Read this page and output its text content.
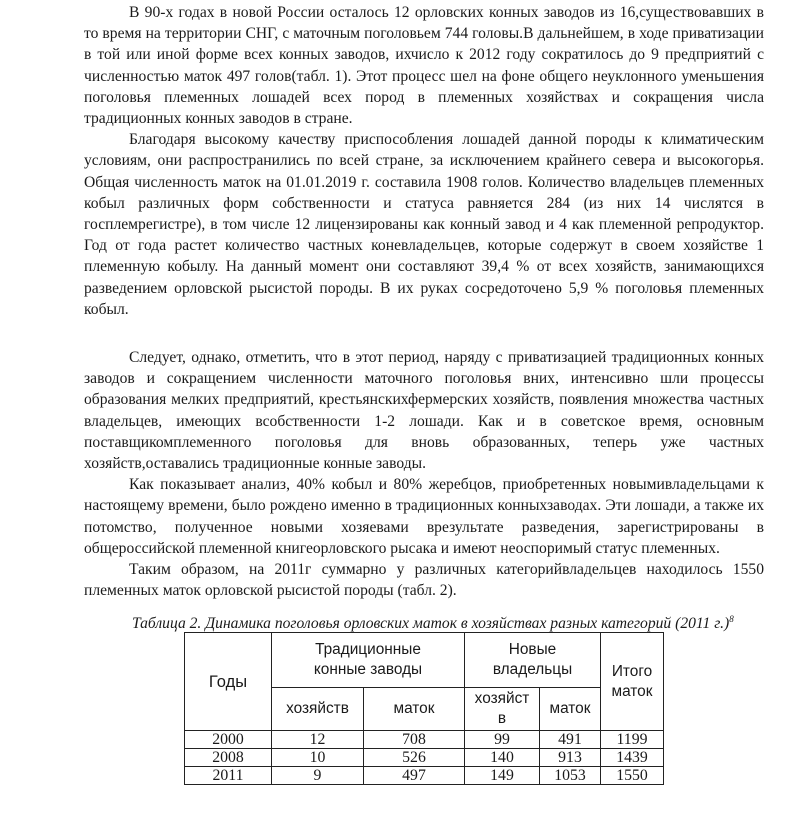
В 90-х годах в новой России осталось 12 орловских конных заводов из 16,существовавших в то время на территории СНГ, с маточным поголовьем 744 головы.В дальнейшем, в ходе приватизации в той или иной форме всех конных заводов, ихчисло к 2012 году сократилось до 9 предприятий с численностью маток 497 голов(табл. 1). Этот процесс шел на фоне общего неуклонного уменьшения поголовья племенных лошадей всех пород в племенных хозяйствах и сокращения числа традиционных конных заводов в стране.

Благодаря высокому качеству приспособления лошадей данной породы к климатическим условиям, они распространились по всей стране, за исключением крайнего севера и высокогорья. Общая численность маток на 01.01.2019 г. составила 1908 голов. Количество владельцев племенных кобыл различных форм собственности и статуса равняется 284 (из них 14 числятся в госплемрегистре), в том числе 12 лицензированы как конный завод и 4 как племенной репродуктор. Год от года растет количество частных коневладельцев, которые содержут в своем хозяйстве 1 племенную кобылу. На данный момент они составляют 39,4 % от всех хозяйств, занимающихся разведением орловской рысистой породы. В их руках сосредоточено 5,9 % поголовья племенных кобыл.

Следует, однако, отметить, что в этот период, наряду с приватизацией традиционных конных заводов и сокращением численности маточного поголовья вних, интенсивно шли процессы образования мелких предприятий, крестьянскихфермерских хозяйств, появления множества частных владельцев, имеющих всобственности 1-2 лошади. Как и в советское время, основным поставщикомплеменного поголовья для вновь образованных, теперь уже частных хозяйств,оставались традиционные конные заводы.

Как показывает анализ, 40% кобыл и 80% жеребцов, приобретенных новымивладельцами к настоящему времени, было рождено именно в традиционных конныхзаводах. Эти лошади, а также их потомство, полученное новыми хозяевами врезультате разведения, зарегистрированы в общероссийской племенной книгеорловского рысака и имеют неоспоримый статус племенных.

Таким образом, на 2011г суммарно у различных категорийвладельцев находилось 1550 племенных маток орловской рысистой породы (табл. 2).

Таблица 2. Динамика поголовья орловских маток в хозяйствах разных категорий (2011 г.)$^8$
Годы	Традиционные конные заводы		Новые владельцы		Итого маток
	хозяйств	маток	хозяйст в	маток	
2000	12	708	99	491	1199
2008	10	526	140	913	1439
2011	9	497	149	1053	1550
